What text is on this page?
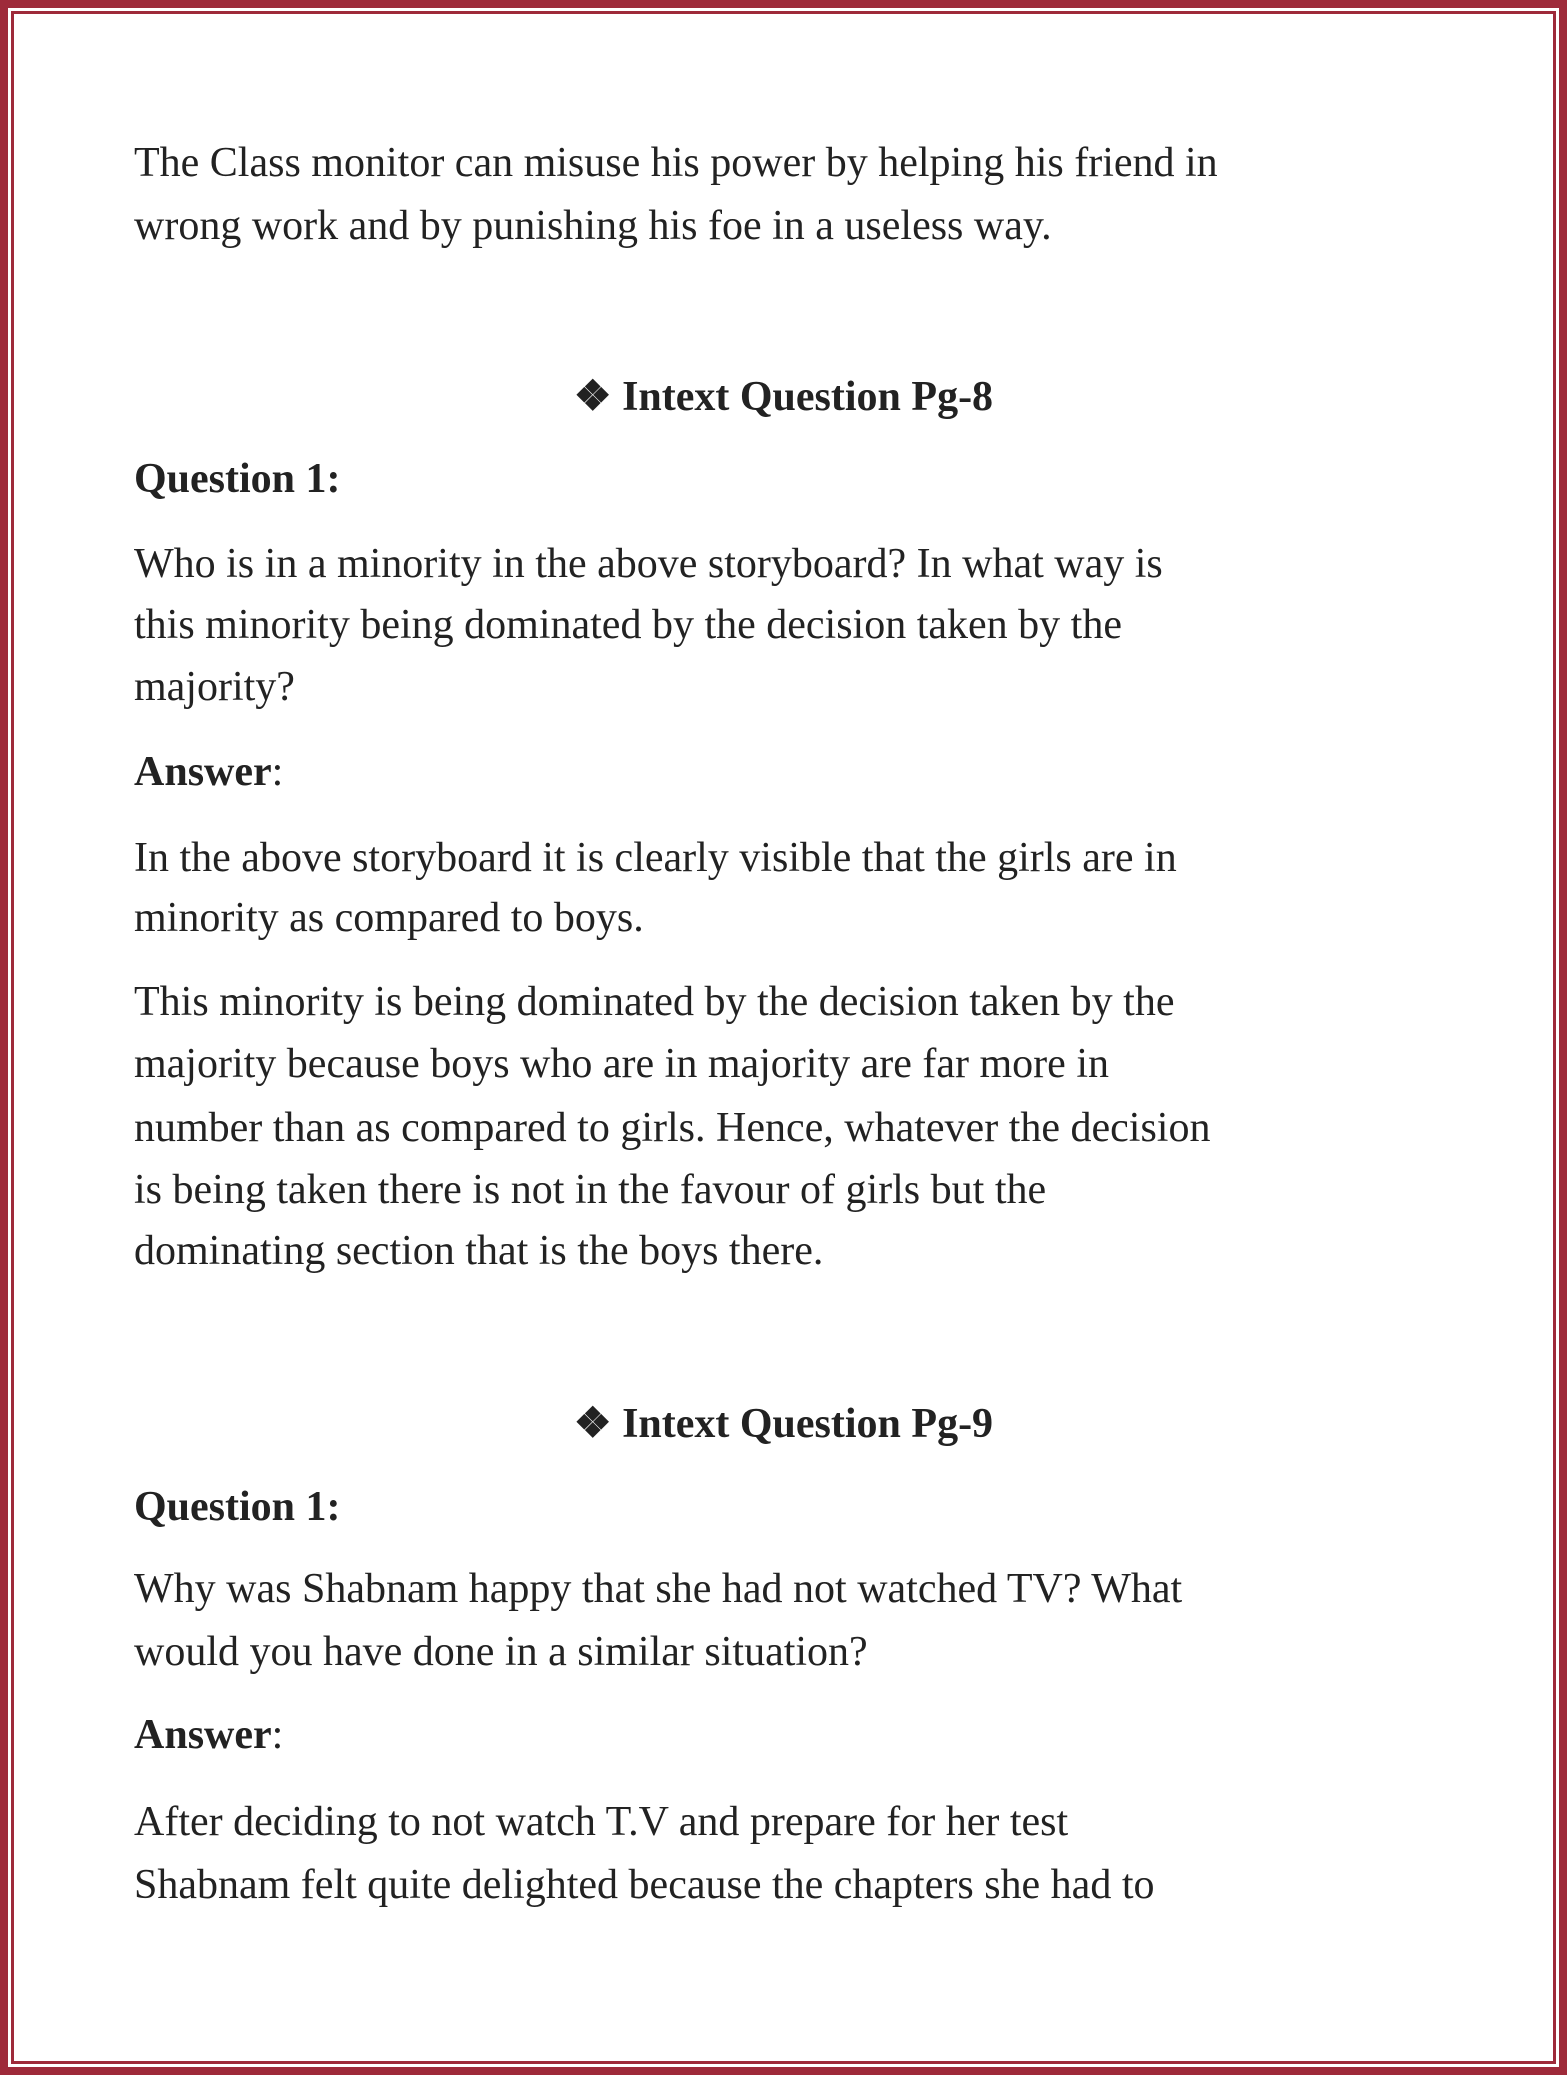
The Class monitor can misuse his power by helping his friend in
wrong work and by punishing his foe in a useless way.
❖ Intext Question Pg-8
Question 1:
Who is in a minority in the above storyboard? In what way is
this minority being dominated by the decision taken by the
majority?
Answer:
In the above storyboard it is clearly visible that the girls are in
minority as compared to boys.
This minority is being dominated by the decision taken by the
majority because boys who are in majority are far more in
number than as compared to girls. Hence, whatever the decision
is being taken there is not in the favour of girls but the
dominating section that is the boys there.
❖ Intext Question Pg-9
Question 1:
Why was Shabnam happy that she had not watched TV? What
would you have done in a similar situation?
Answer:
After deciding to not watch T.V and prepare for her test
Shabnam felt quite delighted because the chapters she had to
